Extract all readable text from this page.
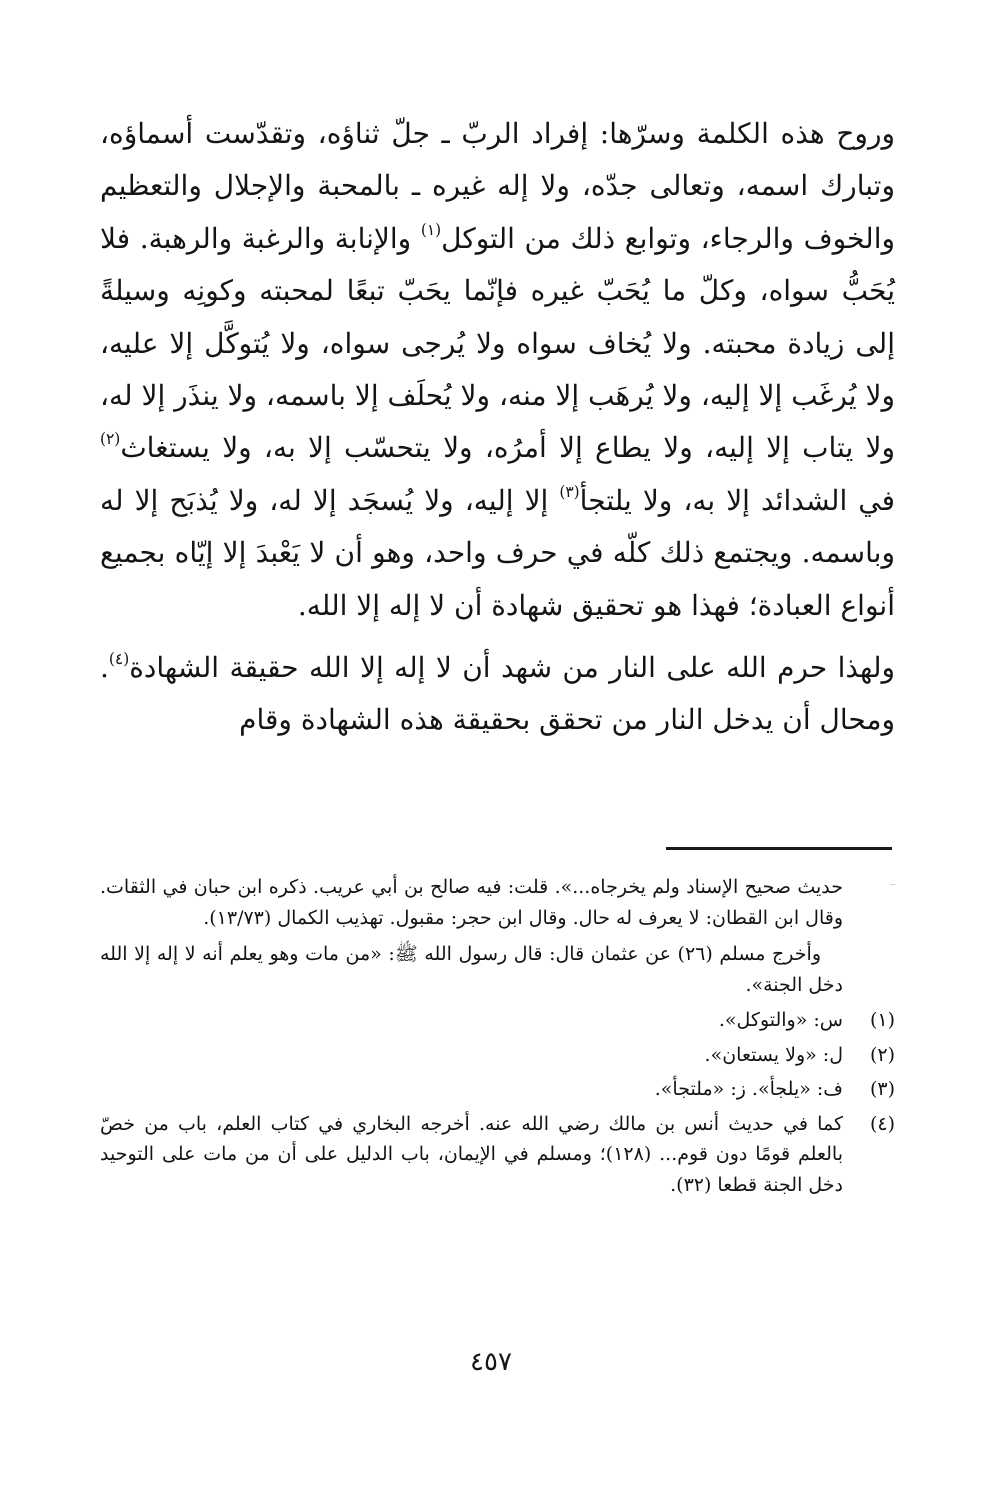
وروح هذه الكلمة وسرّها: إفراد الربّ ـ جلّ ثناؤه، وتقدّست أسماؤه، وتبارك اسمه، وتعالى جدّه، ولا إله غيره ـ بالمحبة والإجلال والتعظيم والخوف والرجاء، وتوابع ذلك من التوكل$^{(١)}$ والإنابة والرغبة والرهبة. فلا يُحَبُّ سواه، وكلّ ما يُحَبّ غيره فإنّما يحَبّ تبعًا لمحبته وكونِه وسيلةً إلى زيادة محبته. ولا يُخاف سواه ولا يُرجى سواه، ولا يُتوكَّل إلا عليه، ولا يُرغَب إلا إليه، ولا يُرهَب إلا منه، ولا يُحلَف إلا باسمه، ولا ينذَر إلا له، ولا يتاب إلا إليه، ولا يطاع إلا أمرُه، ولا يتحسّب إلا به، ولا يستغاث$^{(٢)}$ في الشدائد إلا به، ولا يلتجأ$^{(٣)}$ إلا إليه، ولا يُسجَد إلا له، ولا يُذبَح إلا له وباسمه. ويجتمع ذلك كلّه في حرف واحد، وهو أن لا يَعْبدَ إلا إيّاه بجميع أنواع العبادة؛ فهذا هو تحقيق شهادة أن لا إله إلا الله.

ولهذا حرم الله على النار من شهد أن لا إله إلا الله حقيقة الشهادة$^{(٤)}$. ومحال أن يدخل النار من تحقق بحقيقة هذه الشهادة وقام

⁻

حديث صحيح الإسناد ولم يخرجاه...». قلت: فيه صالح بن أبي عريب. ذكره ابن حبان في الثقات. وقال ابن القطان: لا يعرف له حال. وقال ابن حجر: مقبول. تهذيب الكمال (١٣/٧٣).

وأخرج مسلم (٢٦) عن عثمان قال: قال رسول الله ﷺ: «من مات وهو يعلم أنه لا إله إلا الله دخل الجنة».

(١)
س: «والتوكل».
(٢)
ل: «ولا يستعان».
(٣)
ف: «يلجأ». ز: «ملتجأ».
(٤)
كما في حديث أنس بن مالك رضي الله عنه. أخرجه البخاري في كتاب العلم، باب من خصّ بالعلم قومًا دون قوم... (١٢٨)؛ ومسلم في الإيمان، باب الدليل على أن من مات على التوحيد دخل الجنة قطعا (٣٢).
٤٥٧
